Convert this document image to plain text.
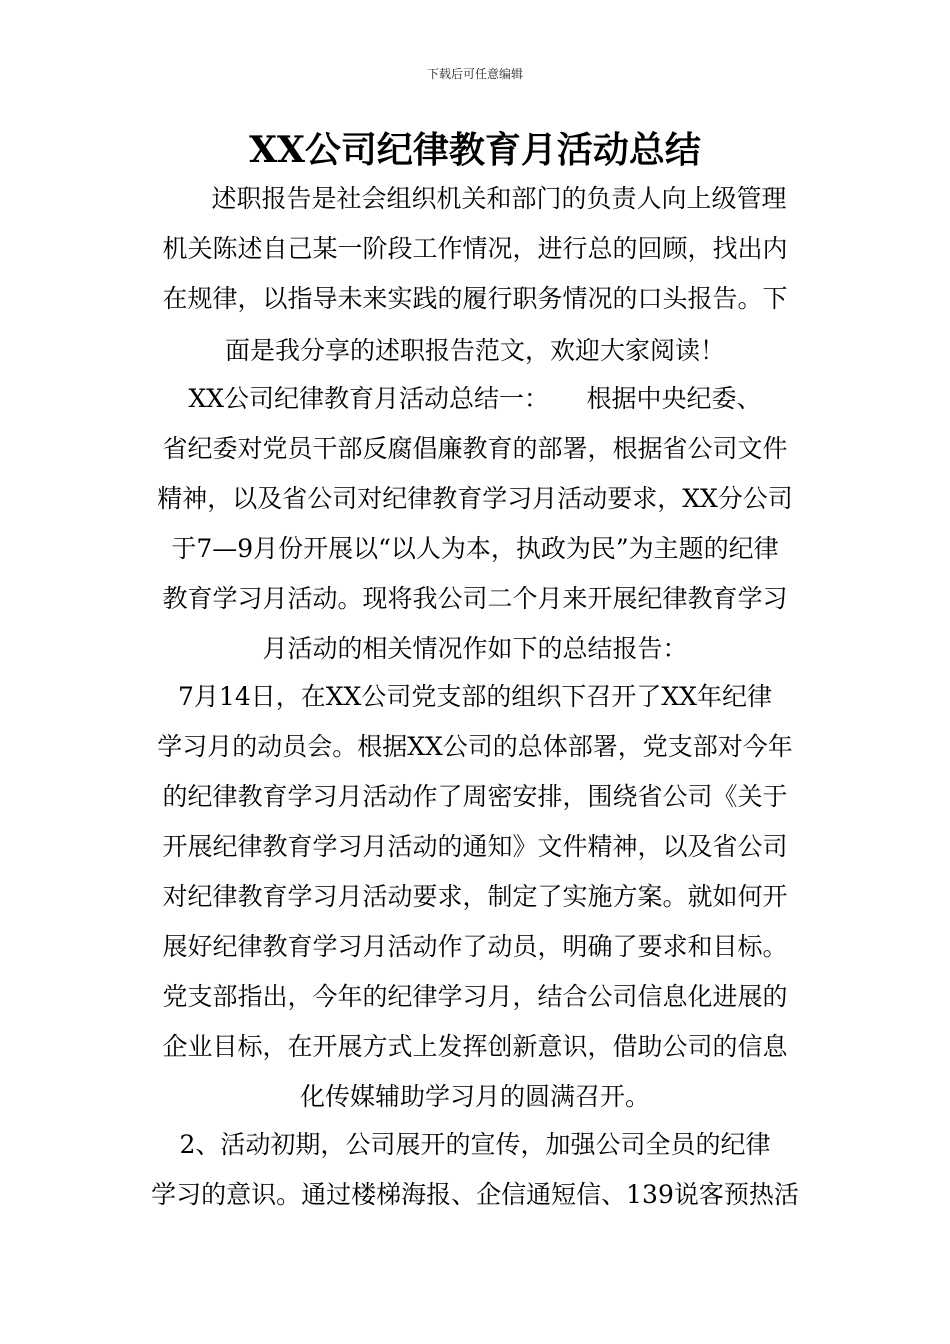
下载后可任意编辑
XX公司纪律教育月活动总结
述职报告是社会组织机关和部门的负责人向上级管理
机关陈述自己某一阶段工作情况，进行总的回顾，找出内
在规律，以指导未来实践的履行职务情况的口头报告。下
面是我分享的述职报告范文，欢迎大家阅读！
XX公司纪律教育月活动总结一：　　根据中央纪委、
省纪委对党员干部反腐倡廉教育的部署，根据省公司文件
精神，以及省公司对纪律教育学习月活动要求，XX分公司
于7—9月份开展以“以人为本，执政为民”为主题的纪律
教育学习月活动。现将我公司二个月来开展纪律教育学习
月活动的相关情况作如下的总结报告：
7月14日，在XX公司党支部的组织下召开了XX年纪律
学习月的动员会。根据XX公司的总体部署，党支部对今年
的纪律教育学习月活动作了周密安排，围绕省公司《关于
开展纪律教育学习月活动的通知》文件精神，以及省公司
对纪律教育学习月活动要求，制定了实施方案。就如何开
展好纪律教育学习月活动作了动员，明确了要求和目标。
党支部指出，今年的纪律学习月，结合公司信息化进展的
企业目标，在开展方式上发挥创新意识，借助公司的信息
化传媒辅助学习月的圆满召开。
2、活动初期，公司展开的宣传，加强公司全员的纪律
学习的意识。通过楼梯海报、企信通短信、139说客预热活
